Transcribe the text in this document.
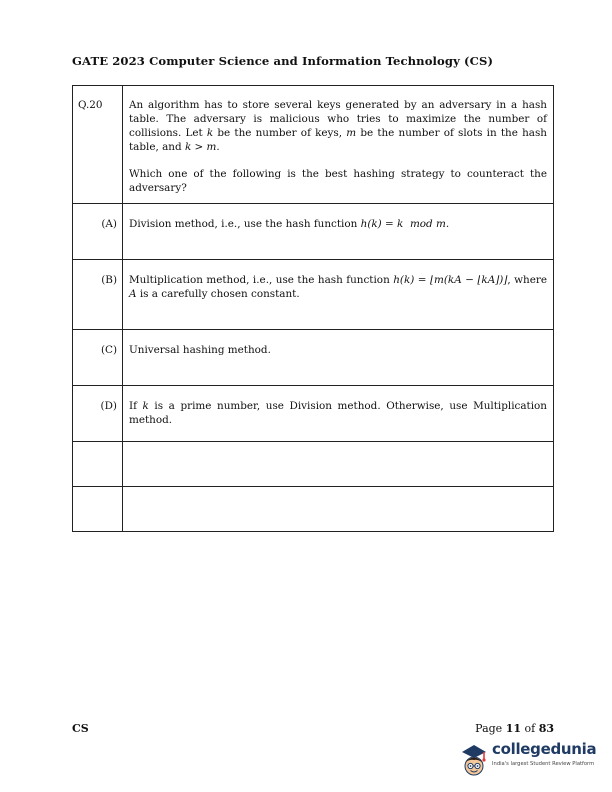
GATE 2023 Computer Science and Information Technology (CS)
Q.20	An algorithm has to store several keys generated by an adversary in a hash table. The adversary is malicious who tries to maximize the number of collisions. Let k be the number of keys, m be the number of slots in the hash table, and k > m.

Which one of the following is the best hashing strategy to counteract the adversary?

(A)	Division method, i.e., use the hash function h(k) = k  mod m.
(B)	Multiplication method, i.e., use the hash function h(k) = ⌊m(kA − ⌊kA⌋)⌋, where A is a carefully chosen constant.
(C)	Universal hashing method.
(D)	If k is a prime number, use Division method. Otherwise, use Multiplication method.

CS	Page 11 of 83
collegedunia
India's largest Student Review Platform
